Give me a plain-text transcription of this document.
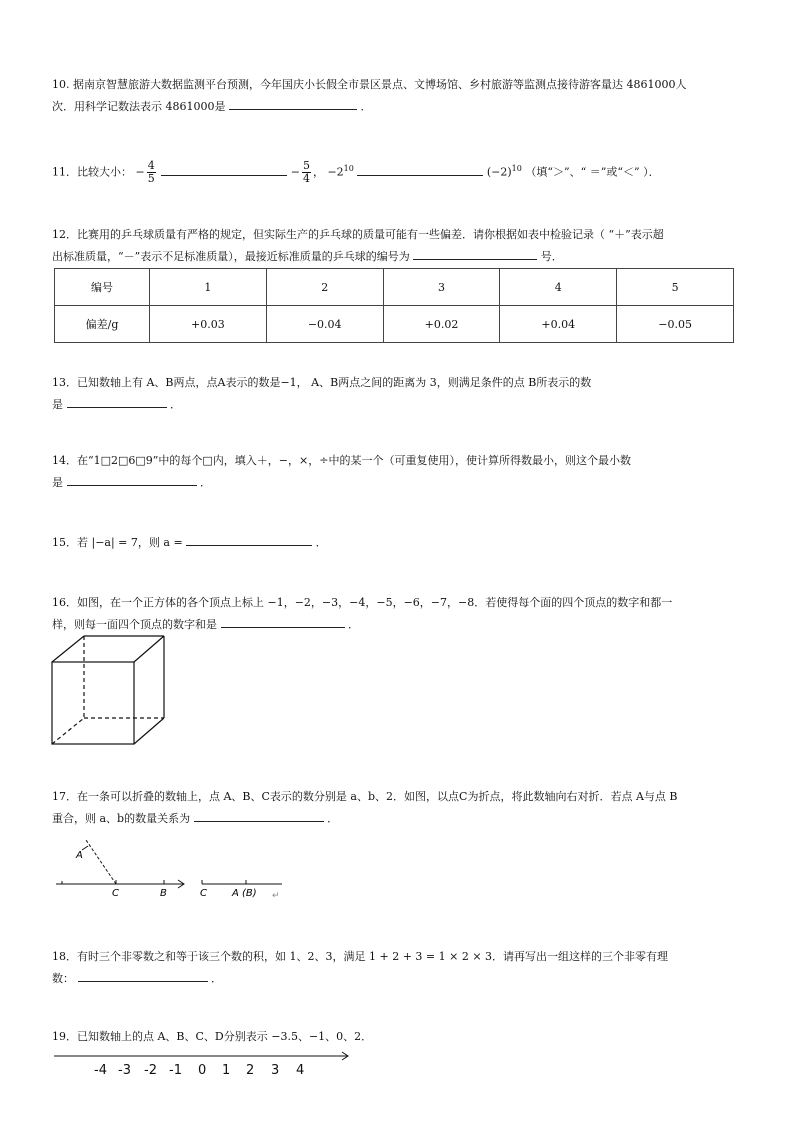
10. 据南京智慧旅游大数据监测平台预测，今年国庆小长假全市景区景点、文博场馆、乡村旅游等监测点接待游客量达 4861000人
次．用科学记数法表示 4861000是	．
11．比较大小： − $\frac{4}{5}$	− $\frac{5}{4}$ ， $-2^{10}$	$(-2)^{10}$ （填“＞”、“ ＝”或“＜” ）．
12．比赛用的乒乓球质量有严格的规定，但实际生产的乒乓球的质量可能有一些偏差．请你根据如表中检验记录（ “＋”表示超
出标准质量，“－”表示不足标准质量），最接近标准质量的乒乓球的编号为	号．
编号	1	2	3	4	5
偏差/g	+0.03	−0.04	+0.02	+0.04	−0.05
13．已知数轴上有 A、B两点，点A表示的数是−1， A、B两点之间的距离为 3，则满足条件的点 B所表示的数
是	．
14．在“1□2□6□9”中的每个□内，填入＋，−，×，÷中的某一个（可重复使用），使计算所得数最小，则这个最小数
是	．
15．若 |−a| = 7，则 a =	．
16．如图，在一个正方体的各个顶点上标上 −1，−2，−3，−4，−5，−6，−7，−8．若使得每个面的四个顶点的数字和都一
样，则每一面四个顶点的数字和是	．
17．在一条可以折叠的数轴上，点 A、B、C表示的数分别是 a、b、2．如图，以点C为折点，将此数轴向右对折．若点 A与点 B
重合，则 a、b的数量关系为	．
A
C	B	C	A (B) ↵
18．有时三个非零数之和等于该三个数的积，如 1、2、3，满足 1 + 2 + 3 = 1 × 2 × 3．请再写出一组这样的三个非零有理
数：	．
19．已知数轴上的点 A、B、C、D分别表示 −3.5、−1、0、2．
-4 -3 -2 -1 0 1 2 3 4
